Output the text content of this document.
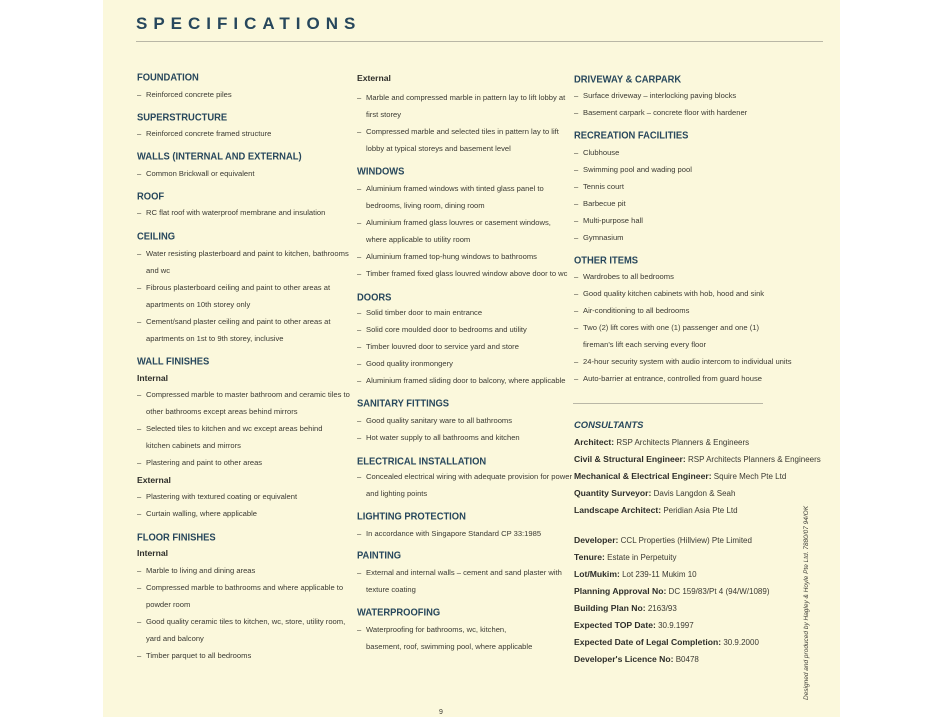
SPECIFICATIONS
FOUNDATION
– Reinforced concrete piles
SUPERSTRUCTURE
– Reinforced concrete framed structure
WALLS (INTERNAL AND EXTERNAL)
– Common Brickwall or equivalent
ROOF
– RC flat roof with waterproof membrane and insulation
CEILING
– Water resisting plasterboard and paint to kitchen, bathrooms
and wc
– Fibrous plasterboard ceiling and paint to other areas at
apartments on 10th storey only
– Cement/sand plaster ceiling and paint to other areas at
apartments on 1st to 9th storey, inclusive
WALL FINISHES
Internal
– Compressed marble to master bathroom and ceramic tiles to
other bathrooms except areas behind mirrors
– Selected tiles to kitchen and wc except areas behind
kitchen cabinets and mirrors
– Plastering and paint to other areas
External
– Plastering with textured coating or equivalent
– Curtain walling, where applicable
FLOOR FINISHES
Internal
– Marble to living and dining areas
– Compressed marble to bathrooms and where applicable to
powder room
– Good quality ceramic tiles to kitchen, wc, store, utility room,
yard and balcony
– Timber parquet to all bedrooms
External
– Marble and compressed marble in pattern lay to lift lobby at
first storey
– Compressed marble and selected tiles in pattern lay to lift
lobby at typical storeys and basement level
WINDOWS
– Aluminium framed windows with tinted glass panel to
bedrooms, living room, dining room
– Aluminium framed glass louvres or casement windows,
where applicable to utility room
– Aluminium framed top-hung windows to bathrooms
– Timber framed fixed glass louvred window above door to wc
DOORS
– Solid timber door to main entrance
– Solid core moulded door to bedrooms and utility
– Timber louvred door to service yard and store
– Good quality ironmongery
– Aluminium framed sliding door to balcony, where applicable
SANITARY FITTINGS
– Good quality sanitary ware to all bathrooms
– Hot water supply to all bathrooms and kitchen
ELECTRICAL INSTALLATION
– Concealed electrical wiring with adequate provision for power
and lighting points
LIGHTING PROTECTION
– In accordance with Singapore Standard CP 33:1985
PAINTING
– External and internal walls – cement and sand plaster with
texture coating
WATERPROOFING
– Waterproofing for bathrooms, wc, kitchen,
basement, roof, swimming pool, where applicable
DRIVEWAY & CARPARK
– Surface driveway – interlocking paving blocks
– Basement carpark – concrete floor with hardener
RECREATION FACILITIES
– Clubhouse
– Swimming pool and wading pool
– Tennis court
– Barbecue pit
– Multi-purpose hall
– Gymnasium
OTHER ITEMS
– Wardrobes to all bedrooms
– Good quality kitchen cabinets with hob, hood and sink
– Air-conditioning to all bedrooms
– Two (2) lift cores with one (1) passenger and one (1)
fireman's lift each serving every floor
– 24-hour security system with audio intercom to individual units
– Auto-barrier at entrance, controlled from guard house
CONSULTANTS
Architect: RSP Architects Planners & Engineers
Civil & Structural Engineer: RSP Architects Planners & Engineers
Mechanical & Electrical Engineer: Squire Mech Pte Ltd
Quantity Surveyor: Davis Langdon & Seah
Landscape Architect: Peridian Asia Pte Ltd
Developer: CCL Properties (Hillview) Pte Limited
Tenure: Estate in Perpetuity
Lot/Mukim: Lot 239-11 Mukim 10
Planning Approval No: DC 159/83/Pt 4 (94/W/1089)
Building Plan No: 2163/93
Expected TOP Date: 30.9.1997
Expected Date of Legal Completion: 30.9.2000
Developer's Licence No: B0478	Designed and produced by Hagley & Hoyle Pte Ltd. 7880/07 94/OK
9
